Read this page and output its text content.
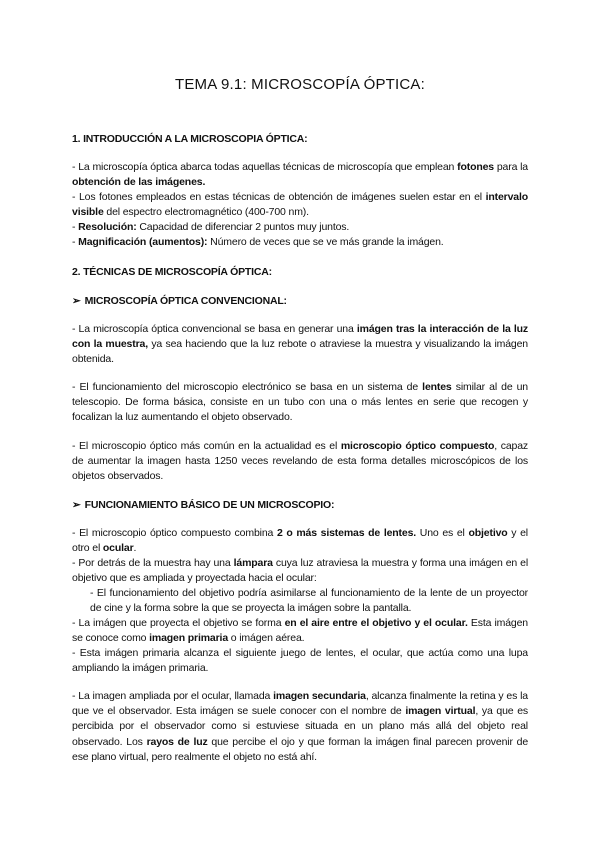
TEMA 9.1: MICROSCOPÍA ÓPTICA:
1. INTRODUCCIÓN A LA MICROSCOPIA ÓPTICA:

- La microscopía óptica abarca todas aquellas técnicas de microscopía que emplean fotones para la obtención de las imágenes.

- Los fotones empleados en estas técnicas de obtención de imágenes suelen estar en el intervalo visible del espectro electromagnético (400-700 nm).

- Resolución: Capacidad de diferenciar 2 puntos muy juntos.

- Magnificación (aumentos): Número de veces que se ve más grande la imágen.

2. TÉCNICAS DE MICROSCOPÍA ÓPTICA:
➢ MICROSCOPÍA ÓPTICA CONVENCIONAL:

- La microscopía óptica convencional se basa en generar una imágen tras la interacción de la luz con la muestra, ya sea haciendo que la luz rebote o atraviese la muestra y visualizando la imágen obtenida.

- El funcionamiento del microscopio electrónico se basa en un sistema de lentes similar al de un telescopio. De forma básica, consiste en un tubo con una o más lentes en serie que recogen y focalizan la luz aumentando el objeto observado.

- El microscopio óptico más común en la actualidad es el microscopio óptico compuesto, capaz de aumentar la imagen hasta 1250 veces revelando de esta forma detalles microscópicos de los objetos observados.

➢ FUNCIONAMIENTO BÁSICO DE UN MICROSCOPIO:

- El microscopio óptico compuesto combina 2 o más sistemas de lentes. Uno es el objetivo y el otro el ocular.

- Por detrás de la muestra hay una lámpara cuya luz atraviesa la muestra y forma una imágen en el objetivo que es ampliada y proyectada hacia el ocular:

- El funcionamiento del objetivo podría asimilarse al funcionamiento de la lente de un proyector de cine y la forma sobre la que se proyecta la imágen sobre la pantalla.

- La imágen que proyecta el objetivo se forma en el aire entre el objetivo y el ocular. Esta imágen se conoce como imagen primaria o imágen aérea.

- Esta imágen primaria alcanza el siguiente juego de lentes, el ocular, que actúa como una lupa ampliando la imágen primaria.

- La imagen ampliada por el ocular, llamada imagen secundaria, alcanza finalmente la retina y es la que ve el observador. Esta imágen se suele conocer con el nombre de imagen virtual, ya que es percibida por el observador como si estuviese situada en un plano más allá del objeto real observado. Los rayos de luz que percibe el ojo y que forman la imágen final parecen provenir de ese plano virtual, pero realmente el objeto no está ahí.
